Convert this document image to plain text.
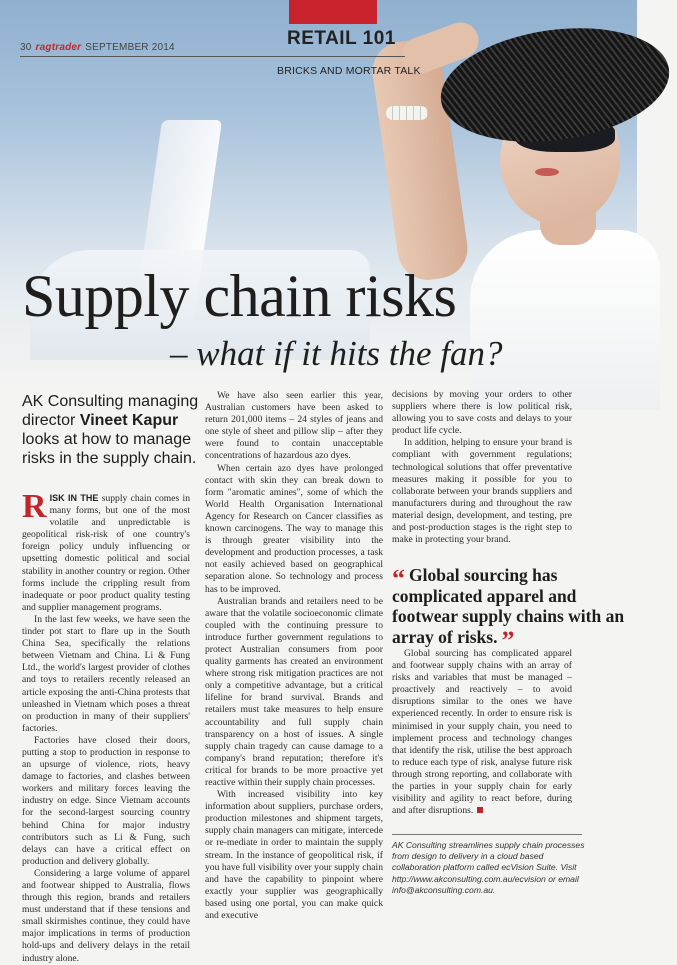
30 ragtrader SEPTEMBER 2014	RETAIL 101
BRICKS AND MORTAR TALK
Supply chain risks
– what if it hits the fan?
AK Consulting managing director Vineet Kapur looks at how to manage risks in the supply chain.

RISK IN THE supply chain comes in many forms, but one of the most volatile and unpredictable is geopolitical risk-risk of one country's foreign policy unduly influencing or upsetting domestic political and social stability in another country or region. Other forms include the crippling result from inadequate or poor product quality testing and supplier management programs.

In the last few weeks, we have seen the tinder pot start to flare up in the South China Sea, specifically the relations between Vietnam and China. Li & Fung Ltd., the world's largest provider of clothes and toys to retailers recently released an article exposing the anti-China protests that unleashed in Vietnam which poses a threat on production in many of their suppliers' factories.

Factories have closed their doors, putting a stop to production in response to an upsurge of violence, riots, heavy damage to factories, and clashes between workers and military forces leaving the industry on edge. Since Vietnam accounts for the second-largest sourcing country behind China for major industry contributors such as Li & Fung, such delays can have a critical effect on production and delivery globally.

Considering a large volume of apparel and footwear shipped to Australia, flows through this region, brands and retailers must understand that if these tensions and small skirmishes continue, they could have major implications in terms of production hold-ups and delivery delays in the retail industry alone.

We have also seen earlier this year, Australian customers have been asked to return 201,000 items – 24 styles of jeans and one style of sheet and pillow slip – after they were found to contain unacceptable concentrations of hazardous azo dyes.

When certain azo dyes have prolonged contact with skin they can break down to form "aromatic amines", some of which the World Health Organisation International Agency for Research on Cancer classifies as known carcinogens. The way to manage this is through greater visibility into the development and production processes, a task not easily achieved based on geographical separation alone. So technology and process has to be improved.

Australian brands and retailers need to be aware that the volatile socioeconomic climate coupled with the continuing pressure to introduce further government regulations to protect Australian consumers from poor quality garments has created an environment where strong risk mitigation practices are not only a competitive advantage, but a critical lifeline for brand survival. Brands and retailers must take measures to help ensure accountability and full supply chain transparency on a host of issues. A single supply chain tragedy can cause damage to a company's brand reputation; therefore it's critical for brands to be more proactive yet reactive within their supply chain processes.

With increased visibility into key information about suppliers, purchase orders, production milestones and shipment targets, supply chain managers can mitigate, intercede or re-mediate in order to maintain the supply stream. In the instance of geopolitical risk, if you have full visibility over your supply chain and have the capability to pinpoint where exactly your supplier was geographically based using one portal, you can make quick and executive

decisions by moving your orders to other suppliers where there is low political risk, allowing you to save costs and delays to your product life cycle.

In addition, helping to ensure your brand is compliant with government regulations; technological solutions that offer preventative measures making it possible for you to collaborate between your brands suppliers and manufacturers during and throughout the raw material design, development, and testing, pre and post-production stages is the right step to make in protecting your brand.

“ Global sourcing has complicated apparel and footwear supply chains with an array of risks. ”

Global sourcing has complicated apparel and footwear supply chains with an array of risks and variables that must be managed – proactively and reactively – to avoid disruptions similar to the ones we have experienced recently. In order to ensure risk is minimised in your supply chain, you need to implement process and technology changes that identify the risk, utilise the best approach to reduce each type of risk, analyse future risk through strong reporting, and collaborate with the parties in your supply chain for early visibility and agility to react before, during and after disruptions.

AK Consulting streamlines supply chain processes from design to delivery in a cloud based collaboration platform called ecVision Suite. Visit http://www.akconsulting.com.au/ecvision or email info@akconsulting.com.au.
